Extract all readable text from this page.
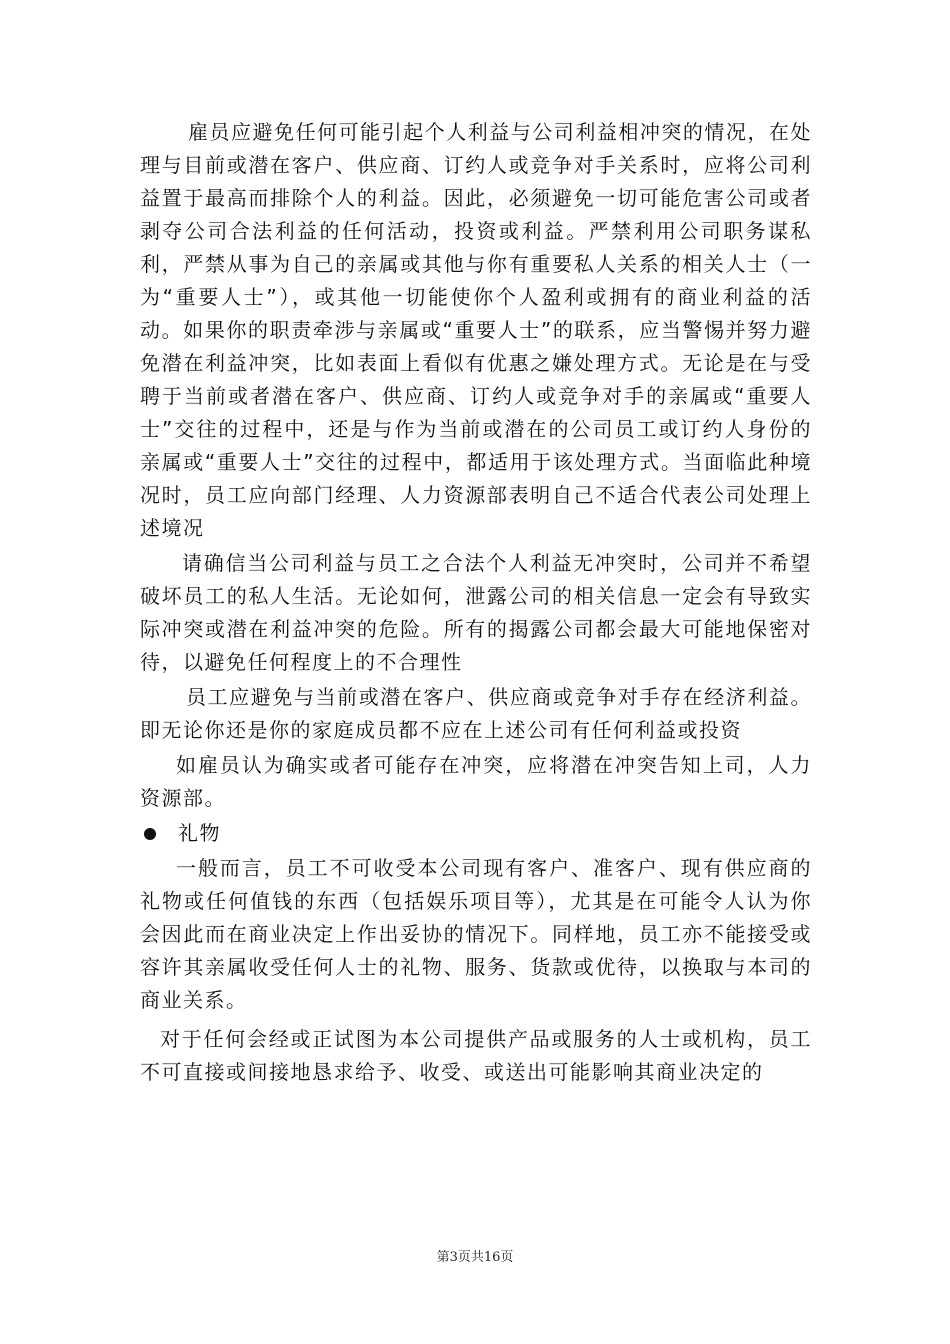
雇员应避免任何可能引起个人利益与公司利益相冲突的情况，在处理与目前或潜在客户、供应商、订约人或竞争对手关系时，应将公司利益置于最高而排除个人的利益。因此，必须避免一切可能危害公司或者剥夺公司合法利益的任何活动，投资或利益。严禁利用公司职务谋私利，严禁从事为自己的亲属或其他与你有重要私人关系的相关人士（一为“重要人士”），或其他一切能使你个人盈利或拥有的商业利益的活动。如果你的职责牵涉与亲属或“重要人士”的联系，应当警惕并努力避免潜在利益冲突，比如表面上看似有优惠之嫌处理方式。无论是在与受聘于当前或者潜在客户、供应商、订约人或竞争对手的亲属或“重要人士”交往的过程中，还是与作为当前或潜在的公司员工或订约人身份的亲属或“重要人士”交往的过程中，都适用于该处理方式。当面临此种境况时，员工应向部门经理、人力资源部表明自己不适合代表公司处理上述境况

请确信当公司利益与员工之合法个人利益无冲突时，公司并不希望破坏员工的私人生活。无论如何，泄露公司的相关信息一定会有导致实际冲突或潜在利益冲突的危险。所有的揭露公司都会最大可能地保密对待，以避免任何程度上的不合理性

员工应避免与当前或潜在客户、供应商或竞争对手存在经济利益。即无论你还是你的家庭成员都不应在上述公司有任何利益或投资

如雇员认为确实或者可能存在冲突，应将潜在冲突告知上司，人力资源部。

礼物

一般而言，员工不可收受本公司现有客户、准客户、现有供应商的礼物或任何值钱的东西（包括娱乐项目等），尤其是在可能令人认为你会因此而在商业决定上作出妥协的情况下。同样地，员工亦不能接受或容许其亲属收受任何人士的礼物、服务、货款或优待，以换取与本司的商业关系。

对于任何会经或正试图为本公司提供产品或服务的人士或机构，员工不可直接或间接地恳求给予、收受、或送出可能影响其商业决定的

第3页共16页
